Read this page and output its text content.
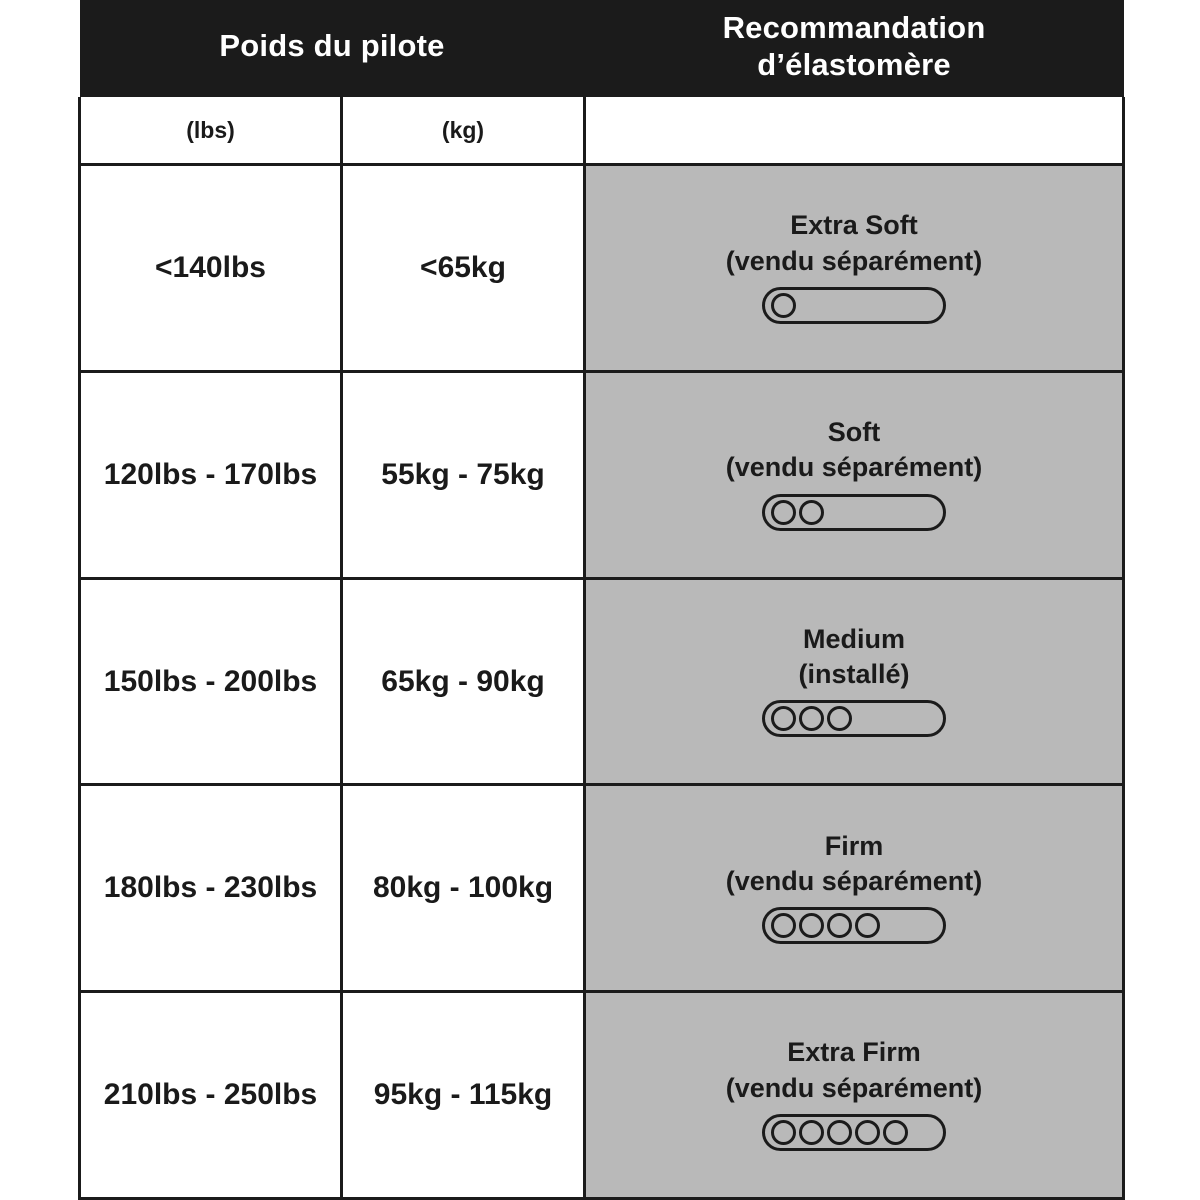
Poids du pilote		Recommandation
d’élastomère

(lbs)	(kg)	
<140lbs	<65kg	Extra Soft
(vendu séparément)

120lbs - 170lbs	55kg - 75kg	Soft
(vendu séparément)

150lbs - 200lbs	65kg - 90kg	Medium
(installé)

180lbs - 230lbs	80kg - 100kg	Firm
(vendu séparément)

210lbs - 250lbs	95kg - 115kg	Extra Firm
(vendu séparément)
